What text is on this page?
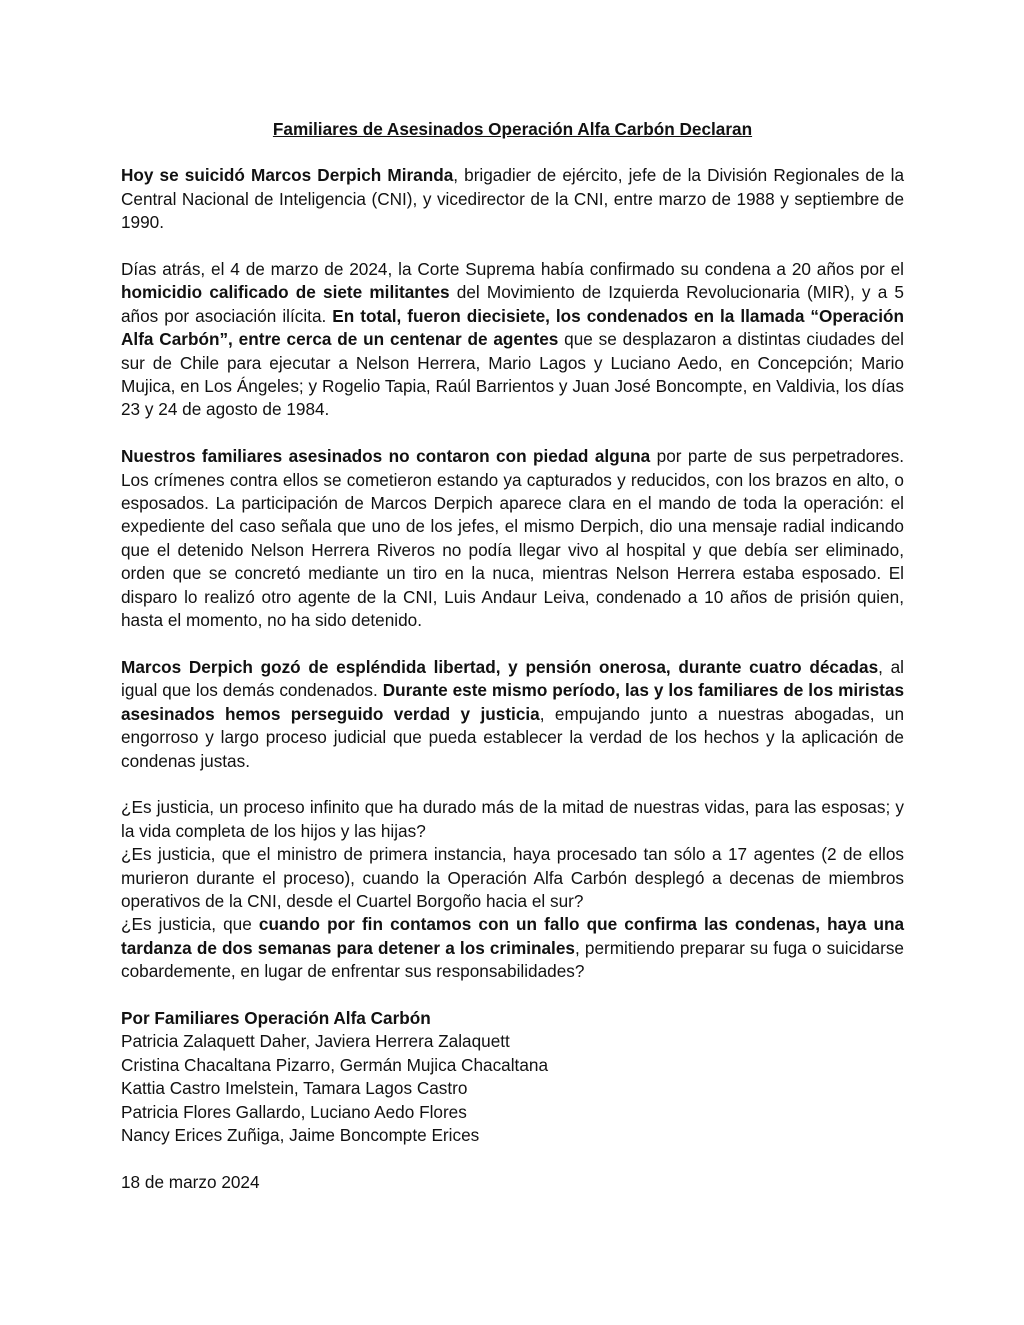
Familiares de Asesinados Operación Alfa Carbón Declaran

Hoy se suicidó Marcos Derpich Miranda, brigadier de ejército, jefe de la División Regionales de la Central Nacional de Inteligencia (CNI), y vicedirector de la CNI, entre marzo de 1988 y septiembre de 1990.

Días atrás, el 4 de marzo de 2024, la Corte Suprema había confirmado su condena a 20 años por el homicidio calificado de siete militantes del Movimiento de Izquierda Revolucionaria (MIR), y a 5 años por asociación ilícita. En total, fueron diecisiete, los condenados en la llamada “Operación Alfa Carbón”, entre cerca de un centenar de agentes que se desplazaron a distintas ciudades del sur de Chile para ejecutar a Nelson Herrera, Mario Lagos y Luciano Aedo, en Concepción; Mario Mujica, en Los Ángeles; y Rogelio Tapia, Raúl Barrientos y Juan José Boncompte, en Valdivia, los días 23 y 24 de agosto de 1984.

Nuestros familiares asesinados no contaron con piedad alguna por parte de sus perpetradores. Los crímenes contra ellos se cometieron estando ya capturados y reducidos, con los brazos en alto, o esposados. La participación de Marcos Derpich aparece clara en el mando de toda la operación: el expediente del caso señala que uno de los jefes, el mismo Derpich, dio una mensaje radial indicando que el detenido Nelson Herrera Riveros no podía llegar vivo al hospital y que debía ser eliminado, orden que se concretó mediante un tiro en la nuca, mientras Nelson Herrera estaba esposado. El disparo lo realizó otro agente de la CNI, Luis Andaur Leiva, condenado a 10 años de prisión quien, hasta el momento, no ha sido detenido.

Marcos Derpich gozó de espléndida libertad, y pensión onerosa, durante cuatro décadas, al igual que los demás condenados. Durante este mismo período, las y los familiares de los miristas asesinados hemos perseguido verdad y justicia, empujando junto a nuestras abogadas, un engorroso y largo proceso judicial que pueda establecer la verdad de los hechos y la aplicación de condenas justas.

¿Es justicia, un proceso infinito que ha durado más de la mitad de nuestras vidas, para las esposas; y la vida completa de los hijos y las hijas?

¿Es justicia, que el ministro de primera instancia, haya procesado tan sólo a 17 agentes (2 de ellos murieron durante el proceso), cuando la Operación Alfa Carbón desplegó a decenas de miembros operativos de la CNI, desde el Cuartel Borgoño hacia el sur?

¿Es justicia, que cuando por fin contamos con un fallo que confirma las condenas, haya una tardanza de dos semanas para detener a los criminales, permitiendo preparar su fuga o suicidarse cobardemente, en lugar de enfrentar sus responsabilidades?

Por Familiares Operación Alfa Carbón

Patricia Zalaquett Daher, Javiera Herrera Zalaquett

Cristina Chacaltana Pizarro, Germán Mujica Chacaltana

Kattia Castro Imelstein, Tamara Lagos Castro

Patricia Flores Gallardo, Luciano Aedo Flores

Nancy Erices Zuñiga, Jaime Boncompte Erices

18 de marzo 2024
